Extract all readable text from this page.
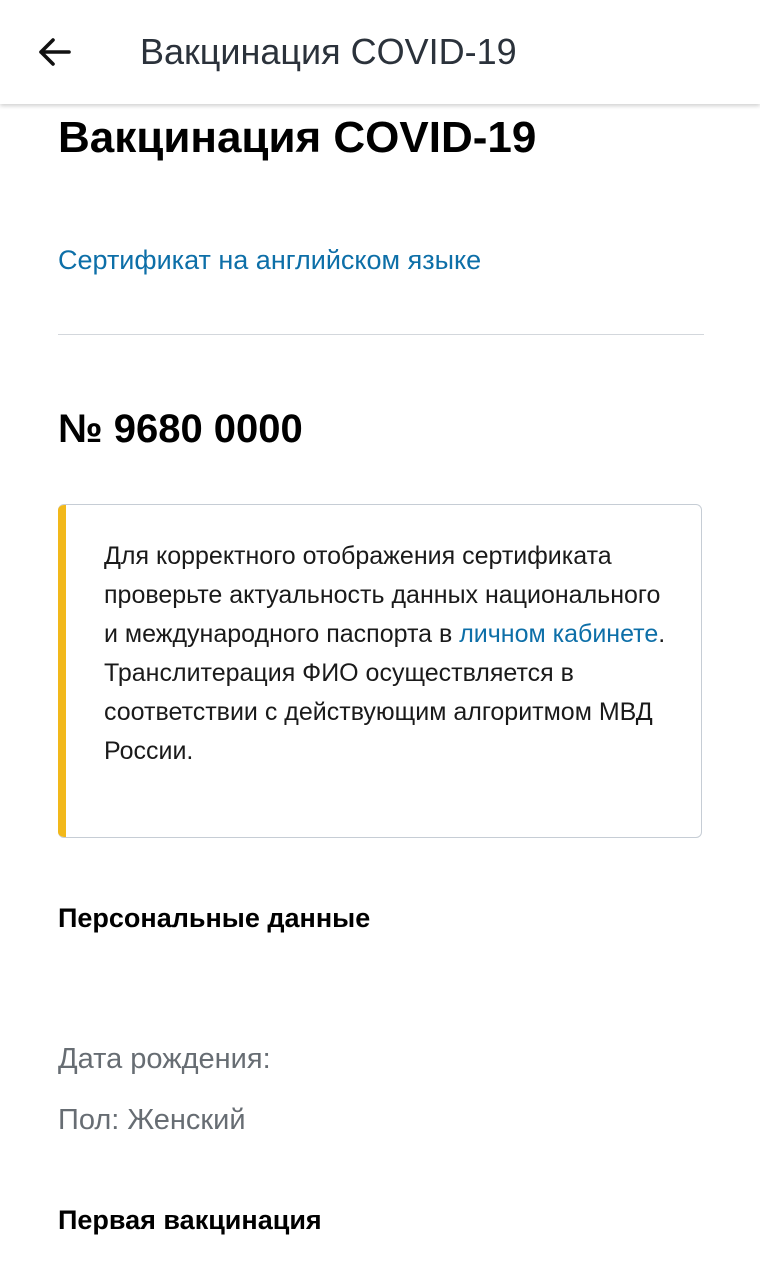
Вакцинация COVID-19
Вакцинация COVID-19
Сертификат на английском языке
№ 9680 0000
Для корректного отображения сертификата проверьте актуальность данных национального и международного паспорта в личном кабинете. Транслитерация ФИО осуществляется в соответствии с действующим алгоритмом МВД России.
Персональные данные
Дата рождения:
Пол: Женский
Первая вакцинация
